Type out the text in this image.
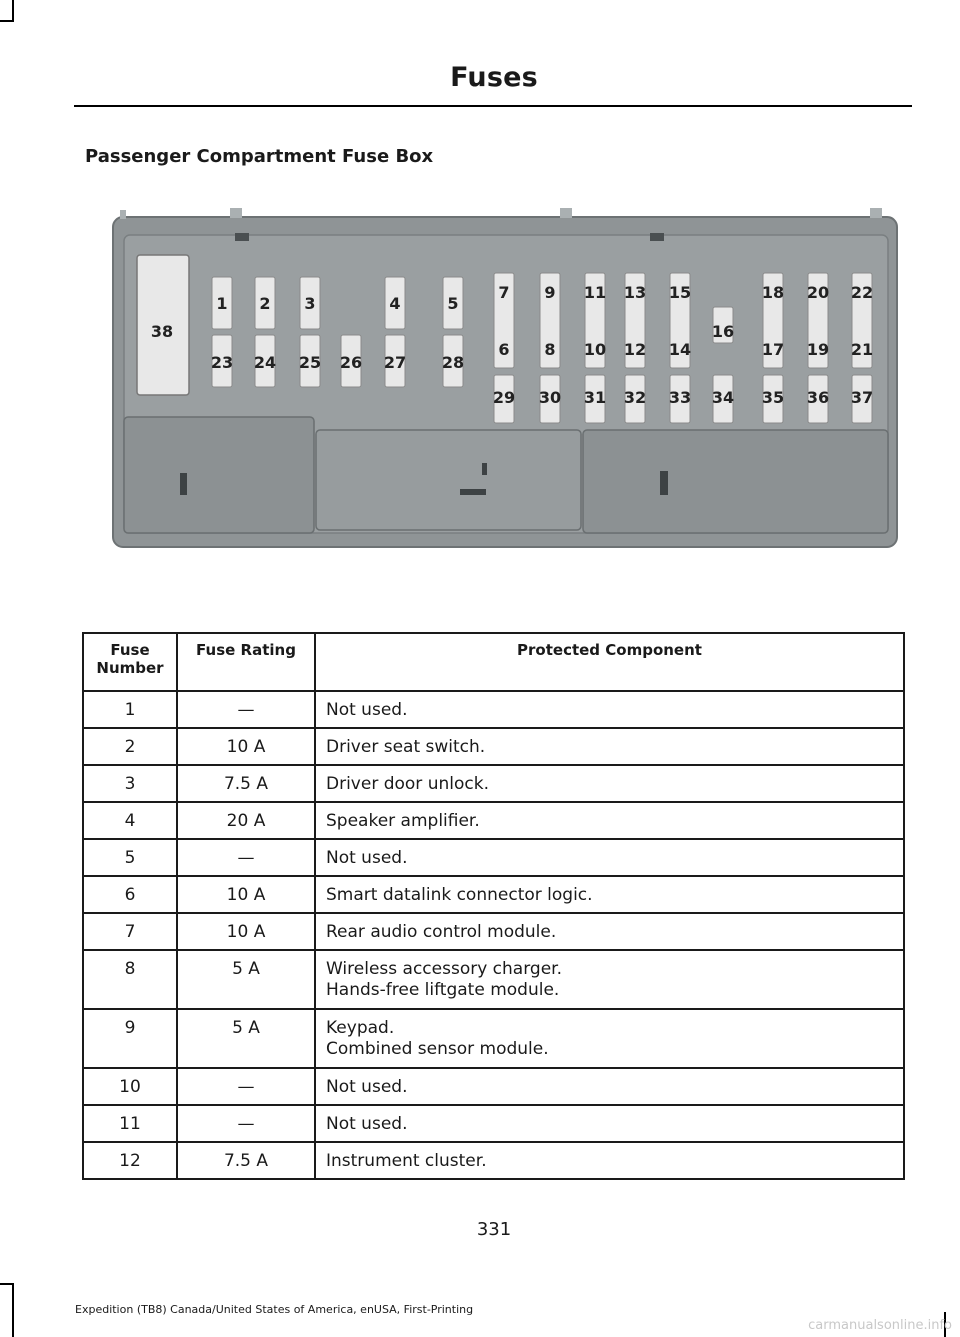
Fuses
Passenger Compartment Fuse Box
1 2 3	4	5
23 24 25 26 27 28
7
6
29
9
8
30
11
10
31
13
12
32
15
14
33
16
34
18
17
35
20
19
36
22
21
37
38
Fuse Number	Fuse Rating	Protected Component
1	—	Not used.

2	10 A	Driver seat switch.

3	7.5 A	Driver door unlock.

4	20 A	Speaker amplifier.

5	—	Not used.

6	10 A	Smart datalink connector logic.

7	10 A	Rear audio control module.

8	5 A	Wireless accessory charger.
Hands-free liftgate module.

9	5 A	Keypad.
Combined sensor module.

10	—	Not used.

11	—	Not used.

12	7.5 A	Instrument cluster.
331
Expedition (TB8) Canada/United States of America, enUSA, First-Printing
carmanualsonline.info
